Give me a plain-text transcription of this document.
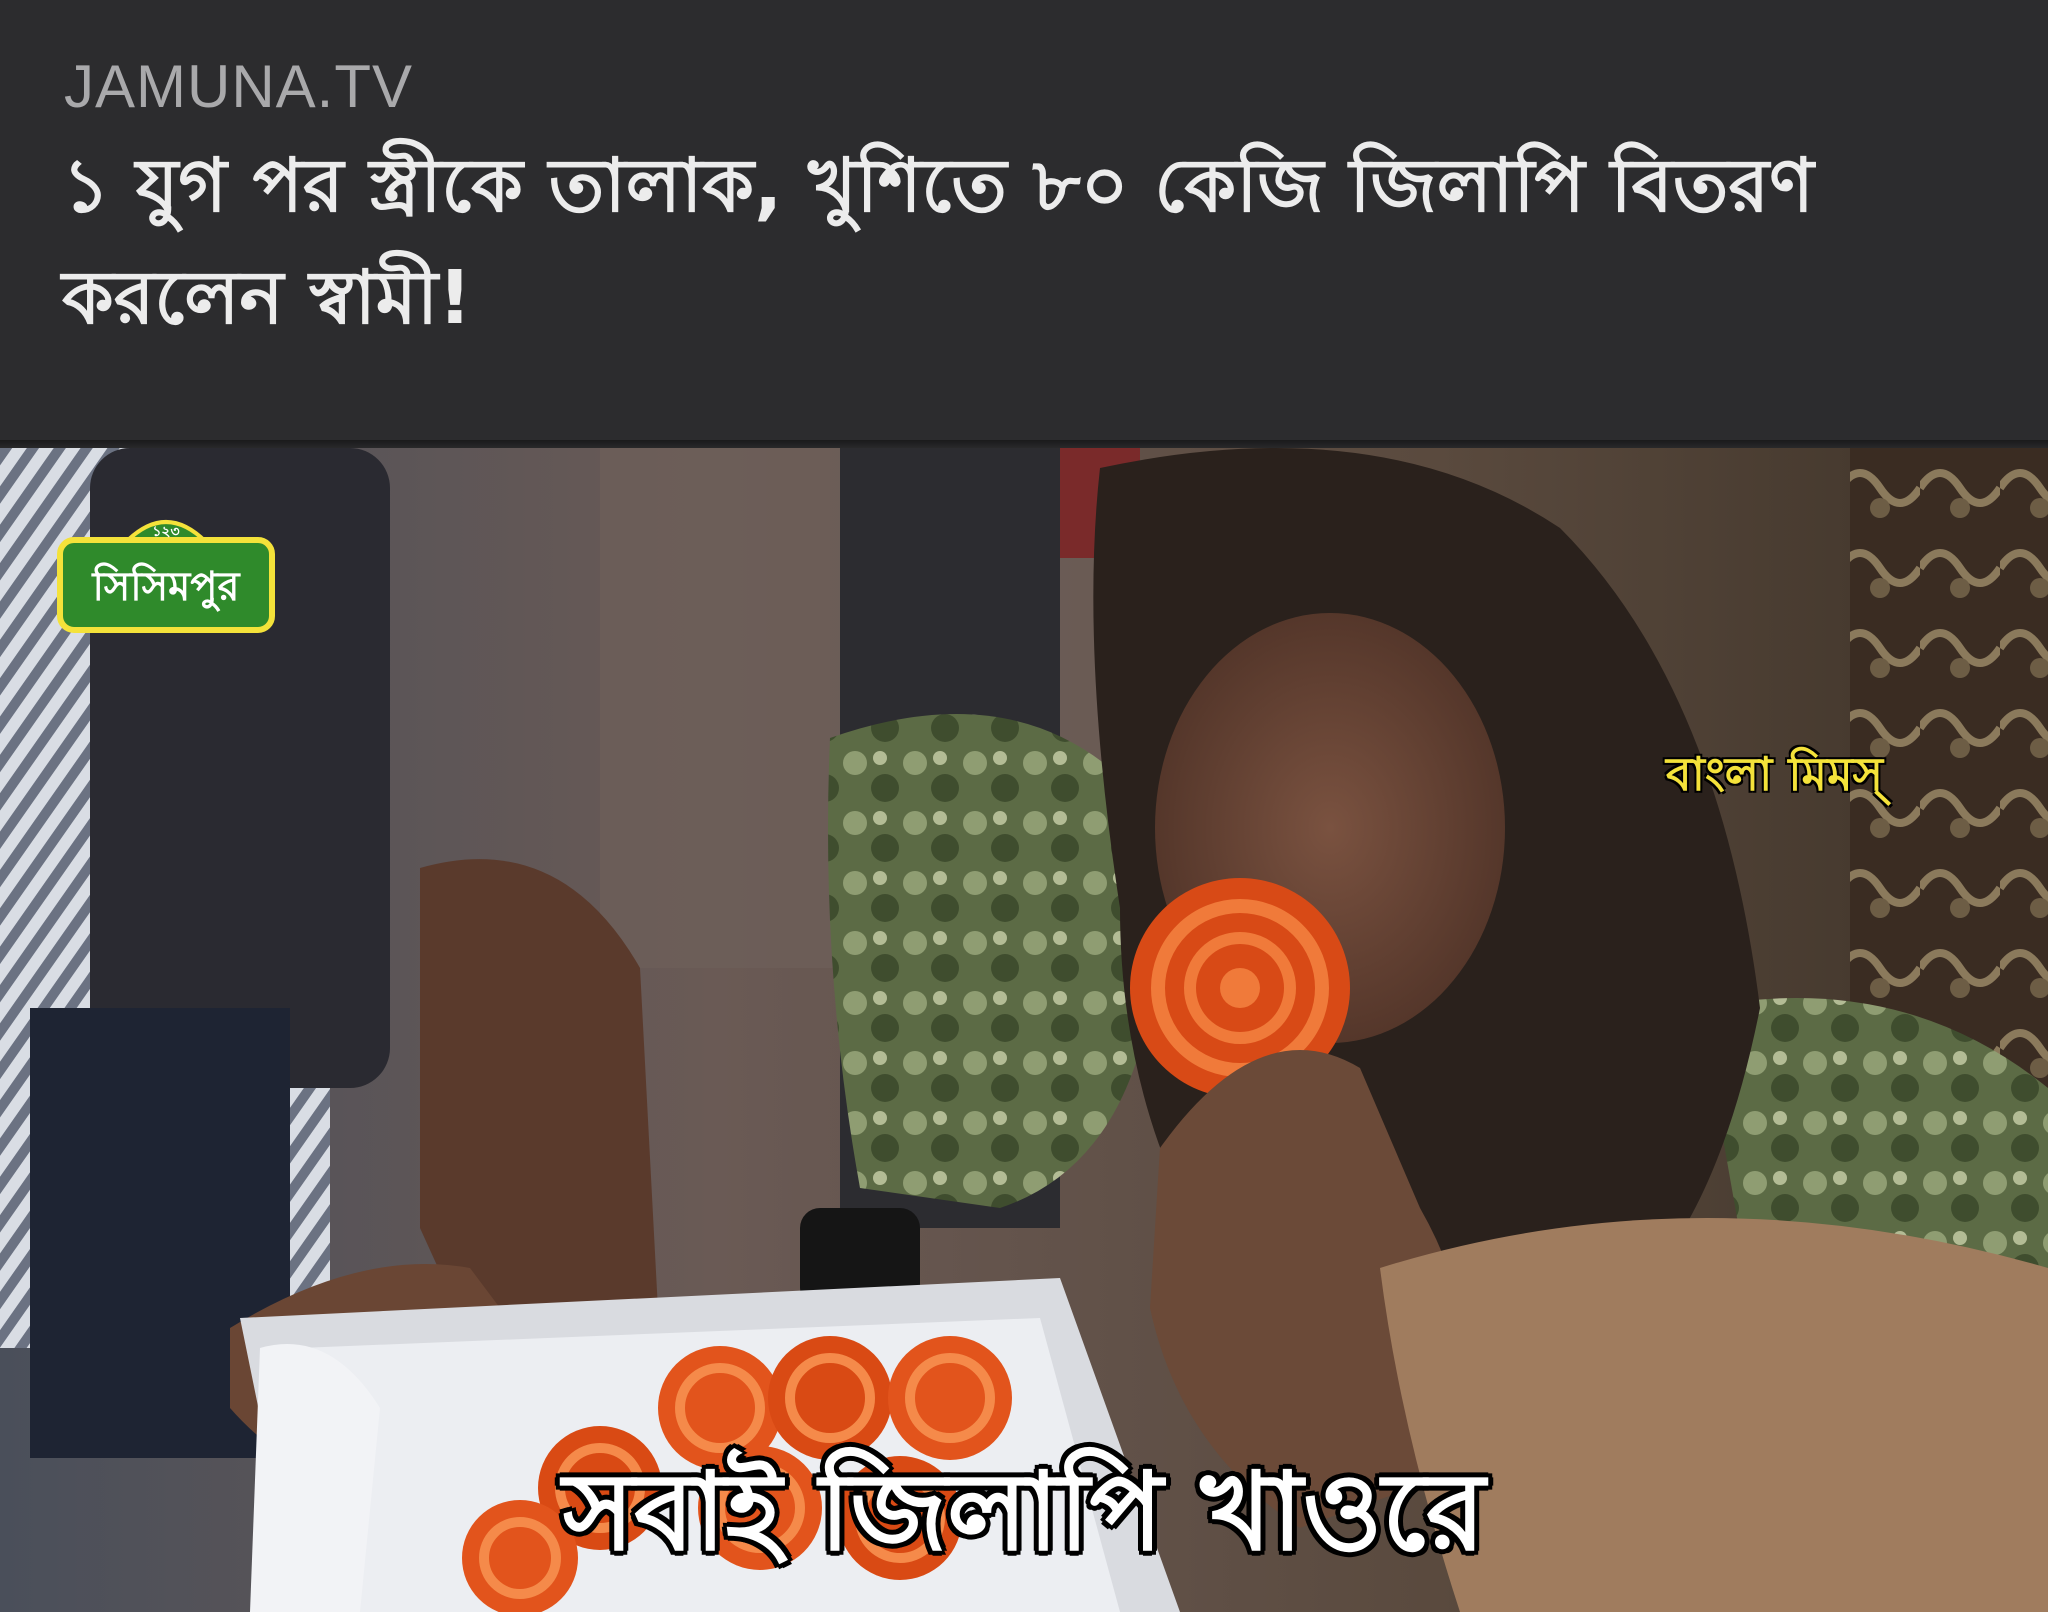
JAMUNA.TV
১ যুগ পর স্ত্রীকে তালাক, খুশিতে ৮০ কেজি জিলাপি বিতরণ করলেন স্বামী!
১২৩
সিসিমপুর
বাংলা মিমস্
সবাই জিলাপি খাওরে
